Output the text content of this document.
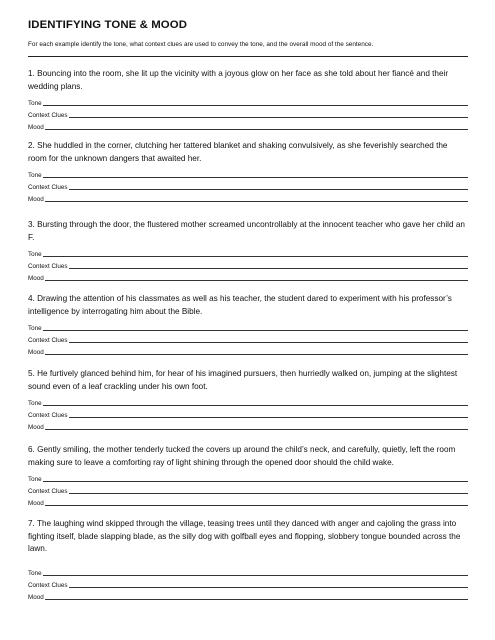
IDENTIFYING TONE & MOOD

For each example identify the tone, what context clues are used to convey the tone, and the overall mood of the sentence.

1. Bouncing into the room, she lit up the vicinity with a joyous glow on her face as she told about her fiancé and their wedding plans.

Tone
Context Clues
Mood

2. She huddled in the corner, clutching her tattered blanket and shaking convulsively, as she feverishly searched the room for the unknown dangers that awaited her.

Tone
Context Clues
Mood

3. Bursting through the door, the flustered mother screamed uncontrollably at the innocent teacher who gave her child an F.

Tone
Context Clues
Mood

4. Drawing the attention of his classmates as well as his teacher, the student dared to experiment with his professor’s intelligence by interrogating him about the Bible.

Tone
Context Clues
Mood

5. He furtively glanced behind him, for hear of his imagined pursuers, then hurriedly walked on, jumping at the slightest sound even of a leaf crackling under his own foot.

Tone
Context Clues
Mood

6. Gently smiling, the mother tenderly tucked the covers up around the child’s neck, and carefully, quietly, left the room making sure to leave a comforting ray of light shining through the opened door should the child wake.

Tone
Context Clues
Mood

7. The laughing wind skipped through the village, teasing trees until they danced with anger and cajoling the grass into fighting itself, blade slapping blade, as the silly dog with golfball eyes and flopping, slobbery tongue bounded across the lawn.

Tone
Context Clues
Mood
